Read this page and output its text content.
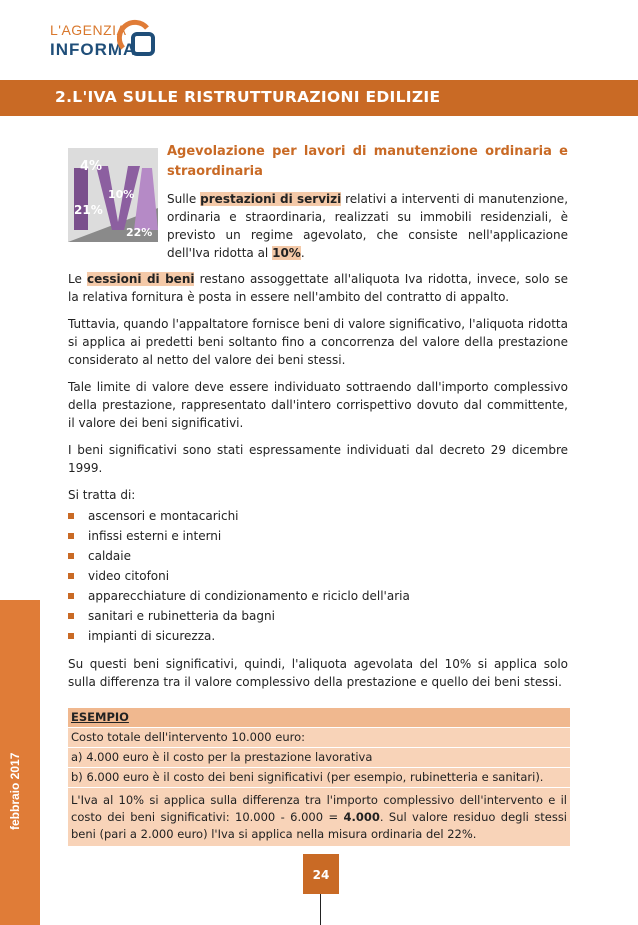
L'AGENZIA
INFORMA
2.L'IVA SULLE RISTRUTTURAZIONI EDILIZIE
febbraio 2017
4%
10%
21%
22%
Agevolazione per lavori di manutenzione ordinaria e straordinaria

Sulle prestazioni di servizi relativi a interventi di manutenzione, ordinaria e straordinaria, realizzati su immobili residenziali, è previsto un regime agevolato, che consiste nell'applicazione dell'Iva ridotta al 10%.

Le cessioni di beni restano assoggettate all'aliquota Iva ridotta, invece, solo se la relativa fornitura è posta in essere nell'ambito del contratto di appalto.

Tuttavia, quando l'appaltatore fornisce beni di valore significativo, l'aliquota ridotta si applica ai predetti beni soltanto fino a concorrenza del valore della prestazione considerato al netto del valore dei beni stessi.

Tale limite di valore deve essere individuato sottraendo dall'importo complessivo della prestazione, rappresentato dall'intero corrispettivo dovuto dal committente, il valore dei beni significativi.

I beni significativi sono stati espressamente individuati dal decreto 29 dicembre 1999.

Si tratta di:

ascensori e montacarichi
infissi esterni e interni
caldaie
video citofoni
apparecchiature di condizionamento e riciclo dell'aria
sanitari e rubinetteria da bagni
impianti di sicurezza.

Su questi beni significativi, quindi, l'aliquota agevolata del 10% si applica solo sulla differenza tra il valore complessivo della prestazione e quello dei beni stessi.

ESEMPIO
Costo totale dell'intervento 10.000 euro:
a) 4.000 euro è il costo per la prestazione lavorativa
b) 6.000 euro è il costo dei beni significativi (per esempio, rubinetteria e sanitari).
L'Iva al 10% si applica sulla differenza tra l'importo complessivo dell'intervento e il costo dei beni significativi: 10.000 - 6.000 = 4.000. Sul valore residuo degli stessi beni (pari a 2.000 euro) l'Iva si applica nella misura ordinaria del 22%.
24
